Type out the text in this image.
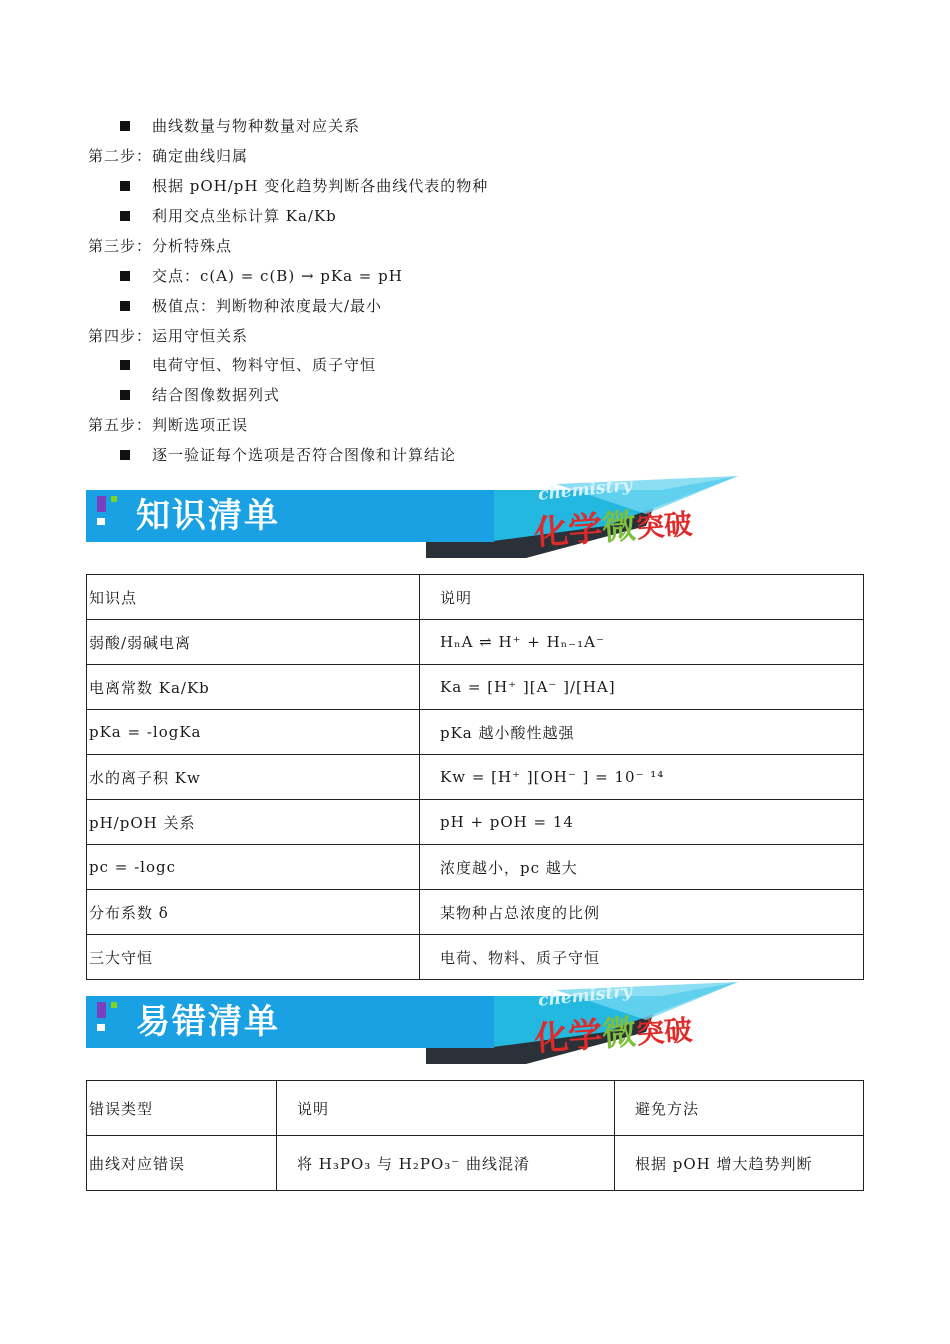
曲线数量与物种数量对应关系
第二步：确定曲线归属
根据 pOH/pH 变化趋势判断各曲线代表的物种
利用交点坐标计算 Ka/Kb
第三步：分析特殊点
交点：c(A) = c(B) → pKa = pH
极值点：判断物种浓度最大/最小
第四步：运用守恒关系
电荷守恒、物料守恒、质子守恒
结合图像数据列式
第五步：判断选项正误
逐一验证每个选项是否符合图像和计算结论
知识清单
chemistry
化学微突破
知识点	说明
弱酸/弱碱电离	HₙA ⇌ H⁺ + Hₙ₋₁A⁻
电离常数 Ka/Kb	Ka = [H⁺ ][A⁻ ]/[HA]
pKa = -logKa	pKa 越小酸性越强
水的离子积 Kw	Kw = [H⁺ ][OH⁻ ] = 10⁻ ¹⁴
pH/pOH 关系	pH + pOH = 14
pc = -logc	浓度越小，pc 越大
分布系数 δ	某物种占总浓度的比例
三大守恒	电荷、物料、质子守恒
易错清单
chemistry
化学微突破
错误类型	说明	避免方法
曲线对应错误	将 H₃PO₃ 与 H₂PO₃⁻ 曲线混淆	根据 pOH 增大趋势判断
